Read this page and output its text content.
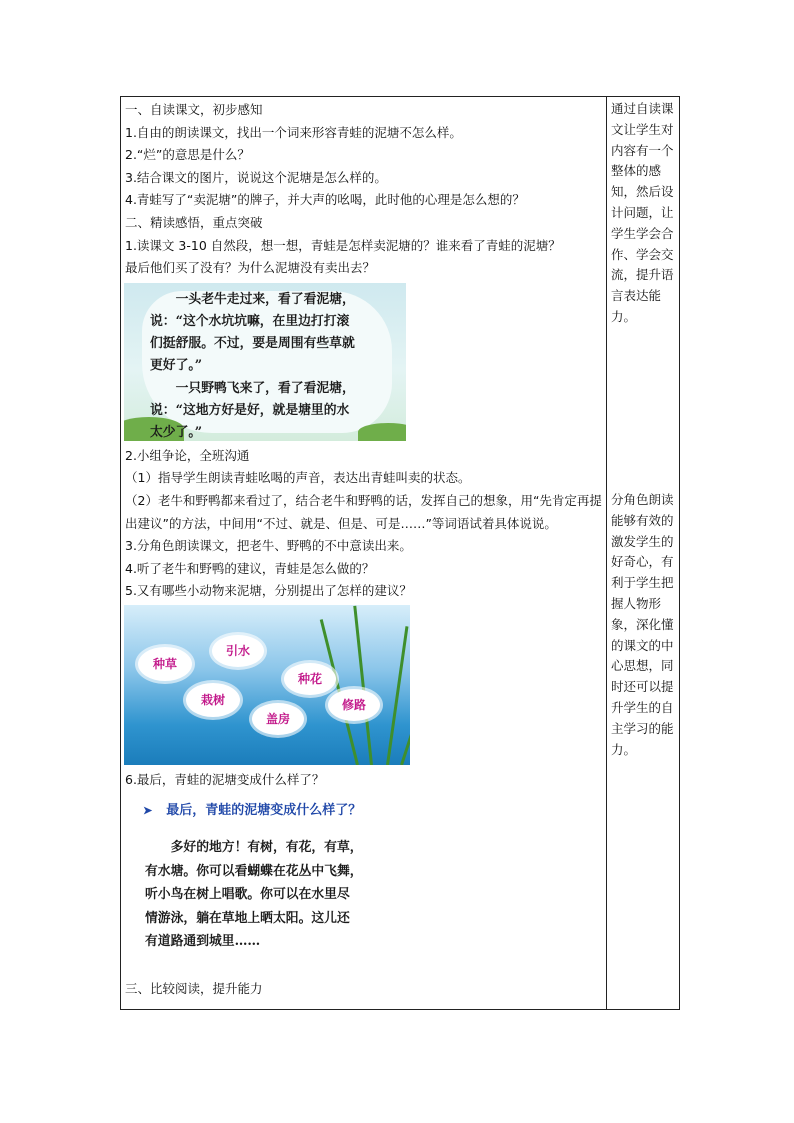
一、自读课文，初步感知

1.自由的朗读课文，找出一个词来形容青蛙的泥塘不怎么样。

2.“烂”的意思是什么？

3.结合课文的图片，说说这个泥塘是怎么样的。

4.青蛙写了“卖泥塘”的牌子，并大声的吆喝，此时他的心理是怎么想的？

二、精读感悟，重点突破

1.读课文 3-10 自然段，想一想，青蛙是怎样卖泥塘的？谁来看了青蛙的泥塘？

最后他们买了没有？为什么泥塘没有卖出去？

　　一头老牛走过来，看了看泥塘，

说：“这个水坑坑嘛，在里边打打滚

们挺舒服。不过，要是周围有些草就

更好了。”

　　一只野鸭飞来了，看了看泥塘，

说：“这地方好是好，就是塘里的水

太少了。”

2.小组争论，全班沟通

（1）指导学生朗读青蛙吆喝的声音，表达出青蛙叫卖的状态。

（2）老牛和野鸭都来看过了，结合老牛和野鸭的话，发挥自己的想象，用“先肯定再提出建议”的方法，中间用“不过、就是、但是、可是……”等词语试着具体说说。

3.分角色朗读课文，把老牛、野鸭的不中意读出来。

4.听了老牛和野鸭的建议，青蛙是怎么做的？

5.又有哪些小动物来泥塘，分别提出了怎样的建议？

种草
引水
种花
栽树
盖房
修路

6.最后，青蛙的泥塘变成什么样了？

➤ 最后，青蛙的泥塘变成什么样了？

　　多好的地方！有树，有花，有草，

有水塘。你可以看蝴蝶在花丛中飞舞，

听小鸟在树上唱歌。你可以在水里尽

情游泳，躺在草地上晒太阳。这儿还

有道路通到城里……

三、比较阅读，提升能力

通过自读课文让学生对内容有一个整体的感知，然后设计问题，让学生学会合作、学会交流，提升语言表达能力。
分角色朗读能够有效的激发学生的好奇心，有利于学生把握人物形象，深化懂的课文的中心思想，同时还可以提升学生的自主学习的能力。
